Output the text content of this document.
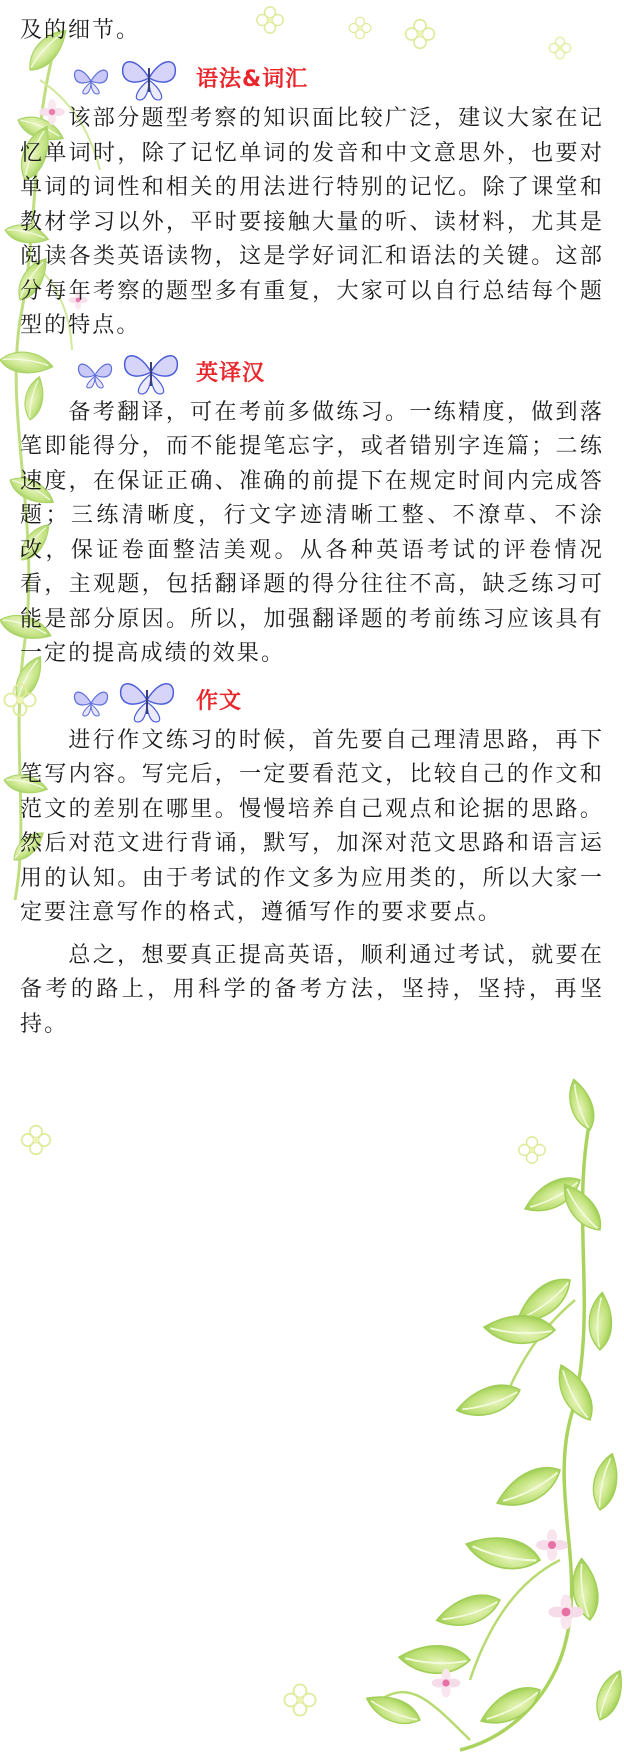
及的细节。

语法&词汇

该部分题型考察的知识面比较广泛，建议大家在记忆单词时，除了记忆单词的发音和中文意思外，也要对单词的词性和相关的用法进行特别的记忆。除了课堂和教材学习以外，平时要接触大量的听、读材料，尤其是阅读各类英语读物，这是学好词汇和语法的关键。这部分每年考察的题型多有重复，大家可以自行总结每个题型的特点。

英译汉

备考翻译，可在考前多做练习。一练精度，做到落笔即能得分，而不能提笔忘字，或者错别字连篇；二练速度，在保证正确、准确的前提下在规定时间内完成答题；三练清晰度，行文字迹清晰工整、不潦草、不涂改，保证卷面整洁美观。从各种英语考试的评卷情况看，主观题，包括翻译题的得分往往不高，缺乏练习可能是部分原因。所以，加强翻译题的考前练习应该具有一定的提高成绩的效果。

作文

进行作文练习的时候，首先要自己理清思路，再下笔写内容。写完后，一定要看范文，比较自己的作文和范文的差别在哪里。慢慢培养自己观点和论据的思路。然后对范文进行背诵，默写，加深对范文思路和语言运用的认知。由于考试的作文多为应用类的，所以大家一定要注意写作的格式，遵循写作的要求要点。

总之，想要真正提高英语，顺利通过考试，就要在备考的路上，用科学的备考方法，坚持，坚持，再坚持。
